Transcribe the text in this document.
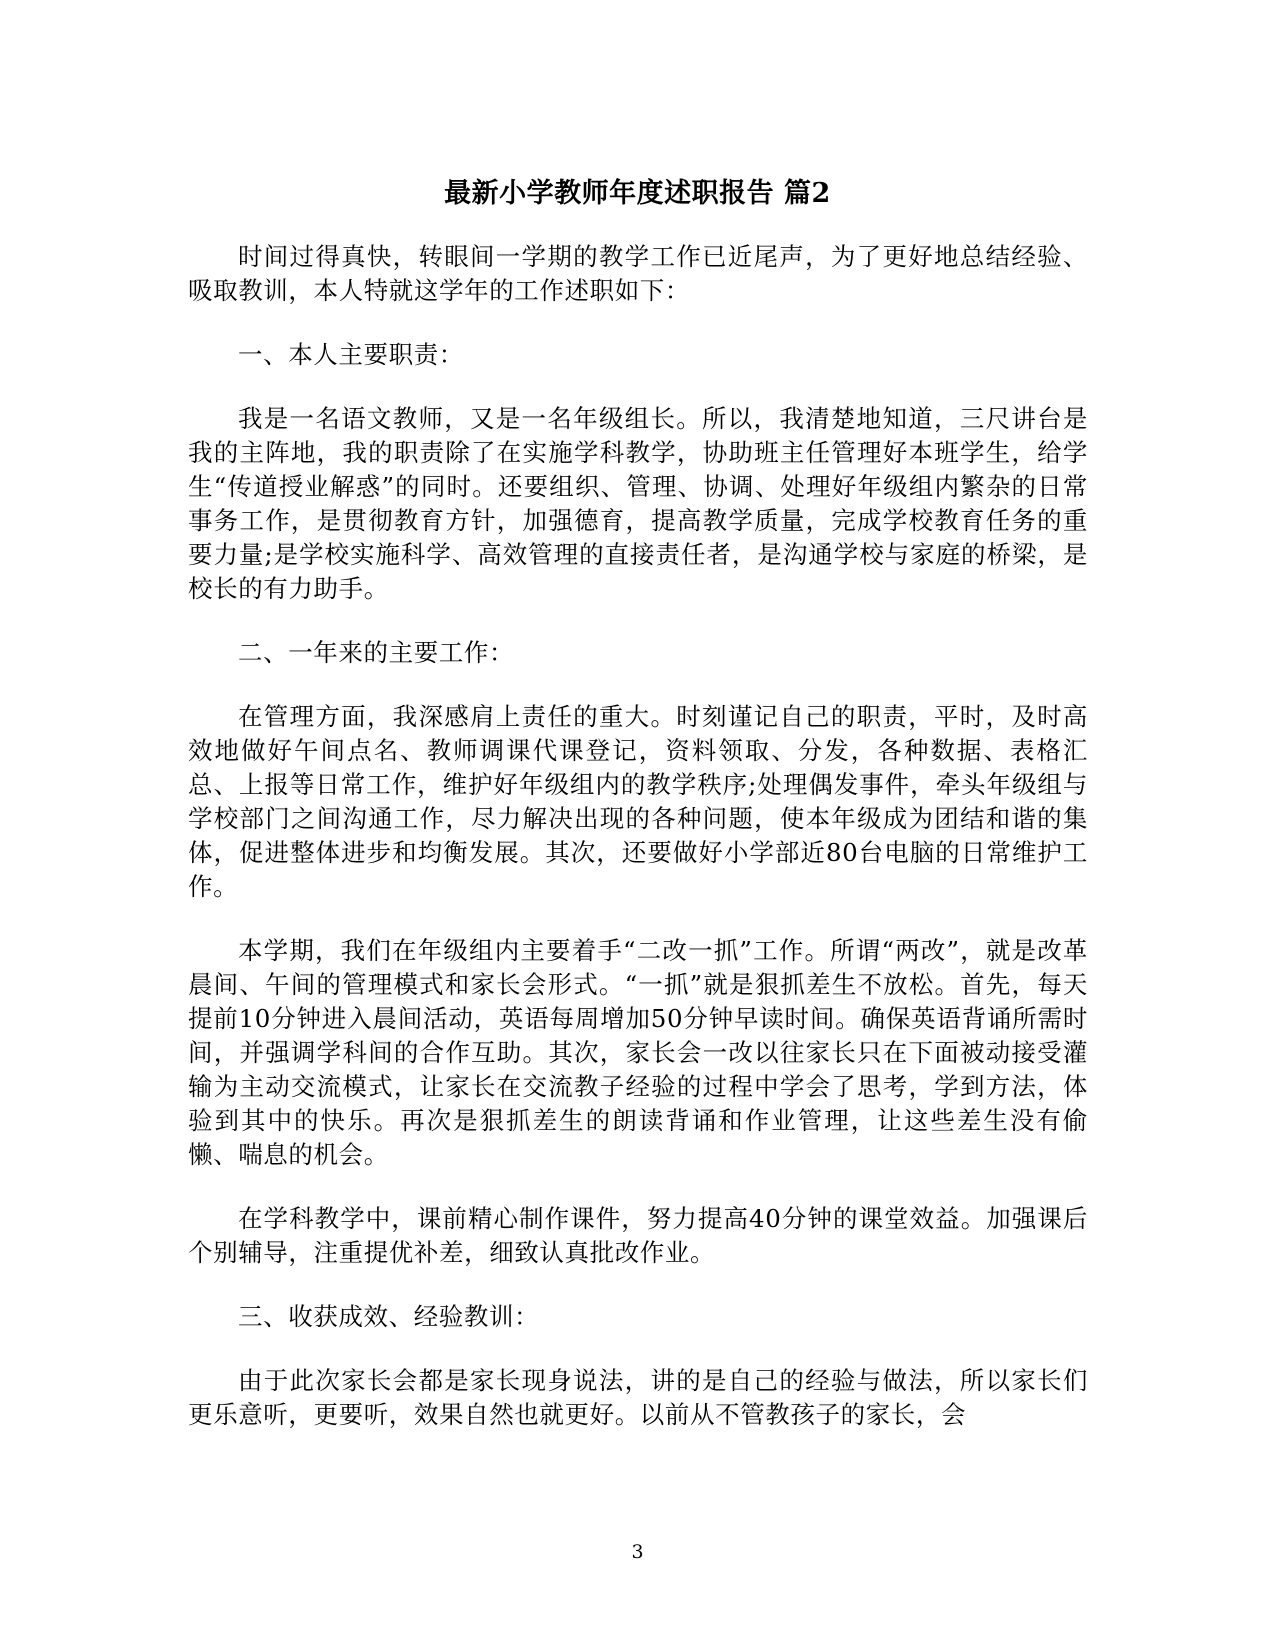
最新小学教师年度述职报告 篇2

时间过得真快，转眼间一学期的教学工作已近尾声，为了更好地总结经验、吸取教训，本人特就这学年的工作述职如下：

一、本人主要职责：

我是一名语文教师，又是一名年级组长。所以，我清楚地知道，三尺讲台是我的主阵地，我的职责除了在实施学科教学，协助班主任管理好本班学生，给学生“传道授业解惑”的同时。还要组织、管理、协调、处理好年级组内繁杂的日常事务工作，是贯彻教育方针，加强德育，提高教学质量，完成学校教育任务的重要力量;是学校实施科学、高效管理的直接责任者，是沟通学校与家庭的桥梁，是校长的有力助手。

二、一年来的主要工作：

在管理方面，我深感肩上责任的重大。时刻谨记自己的职责，平时，及时高效地做好午间点名、教师调课代课登记，资料领取、分发，各种数据、表格汇总、上报等日常工作，维护好年级组内的教学秩序;处理偶发事件，牵头年级组与学校部门之间沟通工作，尽力解决出现的各种问题，使本年级成为团结和谐的集体，促进整体进步和均衡发展。其次，还要做好小学部近80台电脑的日常维护工作。

本学期，我们在年级组内主要着手“二改一抓”工作。所谓“两改”，就是改革晨间、午间的管理模式和家长会形式。“一抓”就是狠抓差生不放松。首先，每天提前10分钟进入晨间活动，英语每周增加50分钟早读时间。确保英语背诵所需时间，并强调学科间的合作互助。其次，家长会一改以往家长只在下面被动接受灌输为主动交流模式，让家长在交流教子经验的过程中学会了思考，学到方法，体验到其中的快乐。再次是狠抓差生的朗读背诵和作业管理，让这些差生没有偷懒、喘息的机会。

在学科教学中，课前精心制作课件，努力提高40分钟的课堂效益。加强课后个别辅导，注重提优补差，细致认真批改作业。

三、收获成效、经验教训：

由于此次家长会都是家长现身说法，讲的是自己的经验与做法，所以家长们更乐意听，更要听，效果自然也就更好。以前从不管教孩子的家长，会

3
